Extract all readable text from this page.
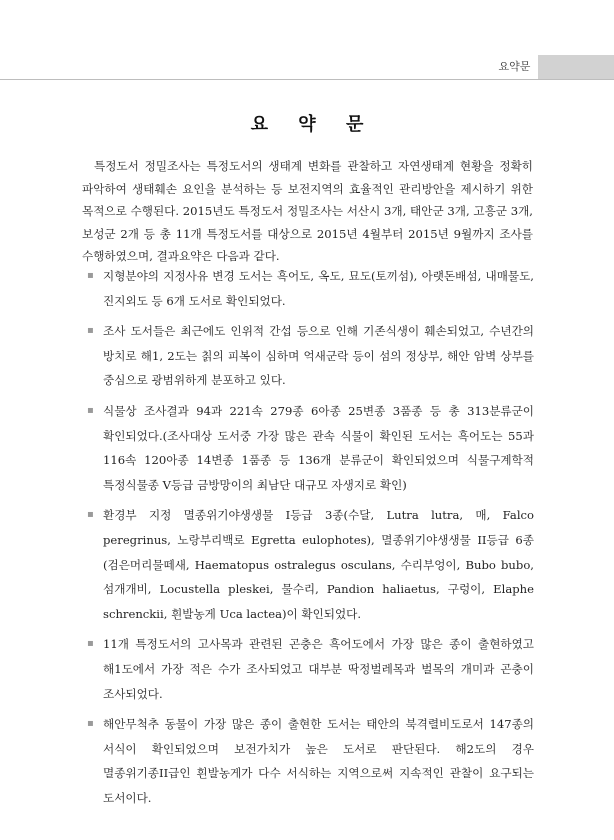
요약문
요 약 문

특정도서 정밀조사는 특정도서의 생태계 변화를 관찰하고 자연생태계 현황을 정확히 파악하여 생태훼손 요인을 분석하는 등 보전지역의 효율적인 관리방안을 제시하기 위한 목적으로 수행된다. 2015년도 특정도서 정밀조사는 서산시 3개, 태안군 3개, 고흥군 3개, 보성군 2개 등 총 11개 특정도서를 대상으로 2015년 4월부터 2015년 9월까지 조사를 수행하였으며, 결과요약은 다음과 같다.

▪ 지형분야의 지정사유 변경 도서는 흑어도, 옥도, 묘도(토끼섬), 아랫돈배섬, 내매물도, 진지외도 등 6개 도서로 확인되었다.
▪ 조사 도서들은 최근에도 인위적 간섭 등으로 인해 기존식생이 훼손되었고, 수년간의 방치로 해1, 2도는 칡의 피복이 심하며 억새군락 등이 섬의 정상부, 해안 암벽 상부를 중심으로 광범위하게 분포하고 있다.
▪ 식물상 조사결과 94과 221속 279종 6아종 25변종 3품종 등 총 313분류군이 확인되었다.(조사대상 도서중 가장 많은 관속 식물이 확인된 도서는 흑어도는 55과 116속 120아종 14변종 1품종 등 136개 분류군이 확인되었으며 식물구계학적 특정식물종 V등급 금방망이의 최남단 대규모 자생지로 확인)
▪ 환경부 지정 멸종위기야생생물 I등급 3종(수달, Lutra lutra, 매, Falco peregrinus, 노랑부리백로 Egretta eulophotes), 멸종위기야생생물 II등급 6종(검은머리물떼새, Haematopus ostralegus osculans, 수리부엉이, Bubo bubo, 섬개개비, Locustella pleskei, 물수리, Pandion haliaetus, 구렁이, Elaphe schrenckii, 흰발농게 Uca lactea)이 확인되었다.
▪ 11개 특정도서의 고사목과 관련된 곤충은 흑어도에서 가장 많은 종이 출현하였고 해1도에서 가장 적은 수가 조사되었고 대부분 딱정벌레목과 벌목의 개미과 곤충이 조사되었다.
▪ 해안무척추 동물이 가장 많은 종이 출현한 도서는 태안의 북격렬비도로서 147종의 서식이 확인되었으며 보전가치가 높은 도서로 판단된다. 해2도의 경우 멸종위기종II급인 흰발농게가 다수 서식하는 지역으로써 지속적인 관찰이 요구되는 도서이다.
